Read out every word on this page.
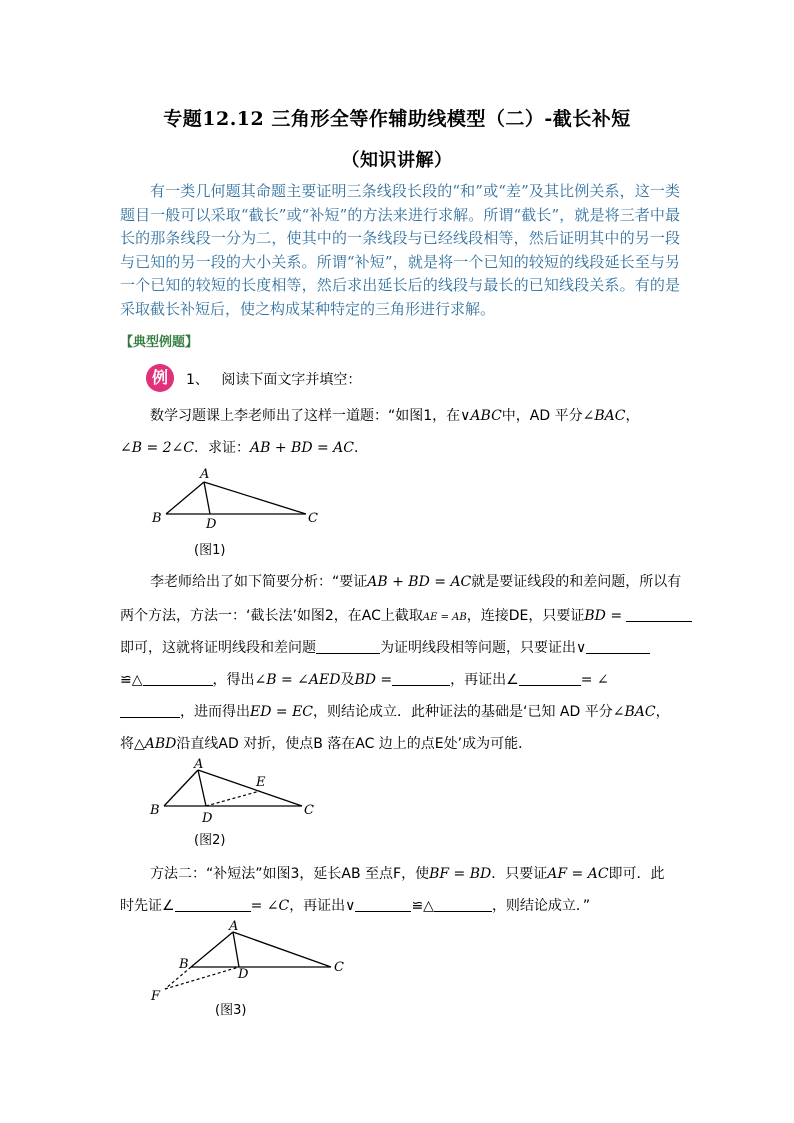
专题12.12 三角形全等作辅助线模型（二）-截长补短
（知识讲解）
有一类几何题其命题主要证明三条线段长段的“和”或“差”及其比例关系，这一类题目一般可以采取“截长”或“补短”的方法来进行求解。所谓“截长”，就是将三者中最长的那条线段一分为二，使其中的一条线段与已经线段相等，然后证明其中的另一段与已知的另一段的大小关系。所谓“补短”，就是将一个已知的较短的线段延长至与另一个已知的较短的长度相等，然后求出延长后的线段与最长的已知线段关系。有的是采取截长补短后，使之构成某种特定的三角形进行求解。
【典型例题】
例	1、 阅读下面文字并填空：
数学习题课上李老师出了这样一道题：“如图1，在∨ABC中，AD 平分∠BAC，
∠B = 2∠C．求证：AB + BD = AC．
A
B	C
D
(图1)
李老师给出了如下简要分析：“要证AB + BD = AC就是要证线段的和差问题，所以有
两个方法，方法一：‘截长法’如图2，在AC上截取AE = AB，连接DE，只要证BD =
即可，这就将证明线段和差问题	为证明线段相等问题，只要证出∨
≌△	，得出∠B = ∠AED及BD =	，再证出∠	= ∠
，进而得出ED = EC，则结论成立．此种证法的基础是‘已知 AD 平分∠BAC，
将△ABD沿直线AD 对折，使点B 落在AC 边上的点E处’成为可能．
A
B	C
D
E
(图2)
方法二：“补短法”如图3，延长AB 至点F，使BF = BD．只要证AF = AC即可．此
时先证∠	= ∠C，再证出∨	≌△	，则结论成立．”
A
B	C
D
F
(图3)
